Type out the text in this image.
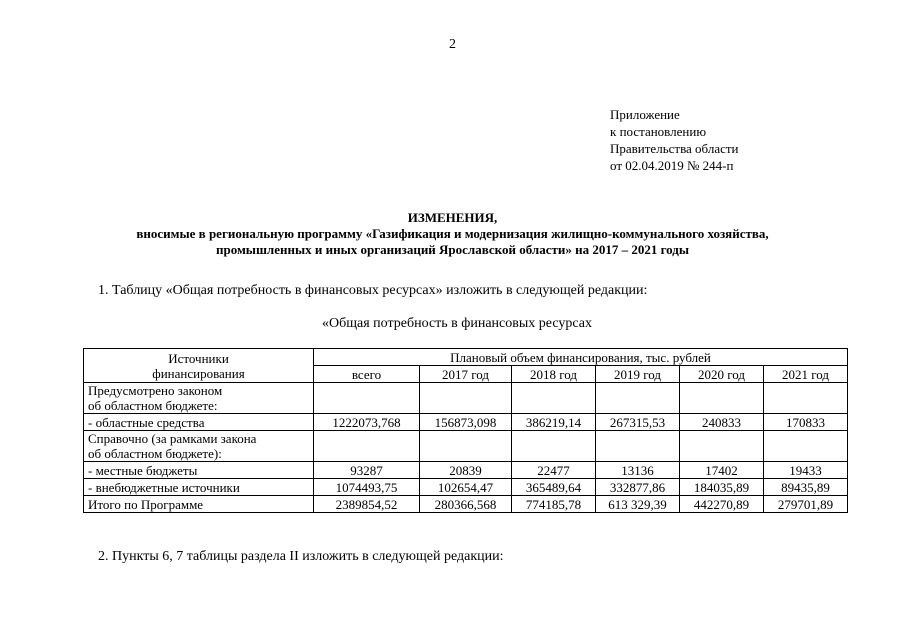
2
Приложение
к постановлению
Правительства области
от 02.04.2019 № 244-п
ИЗМЕНЕНИЯ,
вносимые в региональную программу «Газификация и модернизация жилищно-коммунального хозяйства,
промышленных и иных организаций Ярославской области» на 2017 – 2021 годы
1. Таблицу «Общая потребность в финансовых ресурсах» изложить в следующей редакции:
«Общая потребность в финансовых ресурсах
Источники
финансирования	Плановый объем финансирования, тыс. рублей					
	всего	2017 год	2018 год	2019 год	2020 год	2021 год

Предусмотрено законом
об областном бюджете:						

- областные средства	1222073,768	156873,098	386219,14	267315,53	240833	170833

Справочно (за рамками закона
об областном бюджете):						

- местные бюджеты	93287	20839	22477	13136	17402	19433
- внебюджетные источники	1074493,75	102654,47	365489,64	332877,86	184035,89	89435,89
Итого по Программе	2389854,52	280366,568	774185,78	613 329,39	442270,89	279701,89
2. Пункты 6, 7 таблицы раздела II изложить в следующей редакции:
